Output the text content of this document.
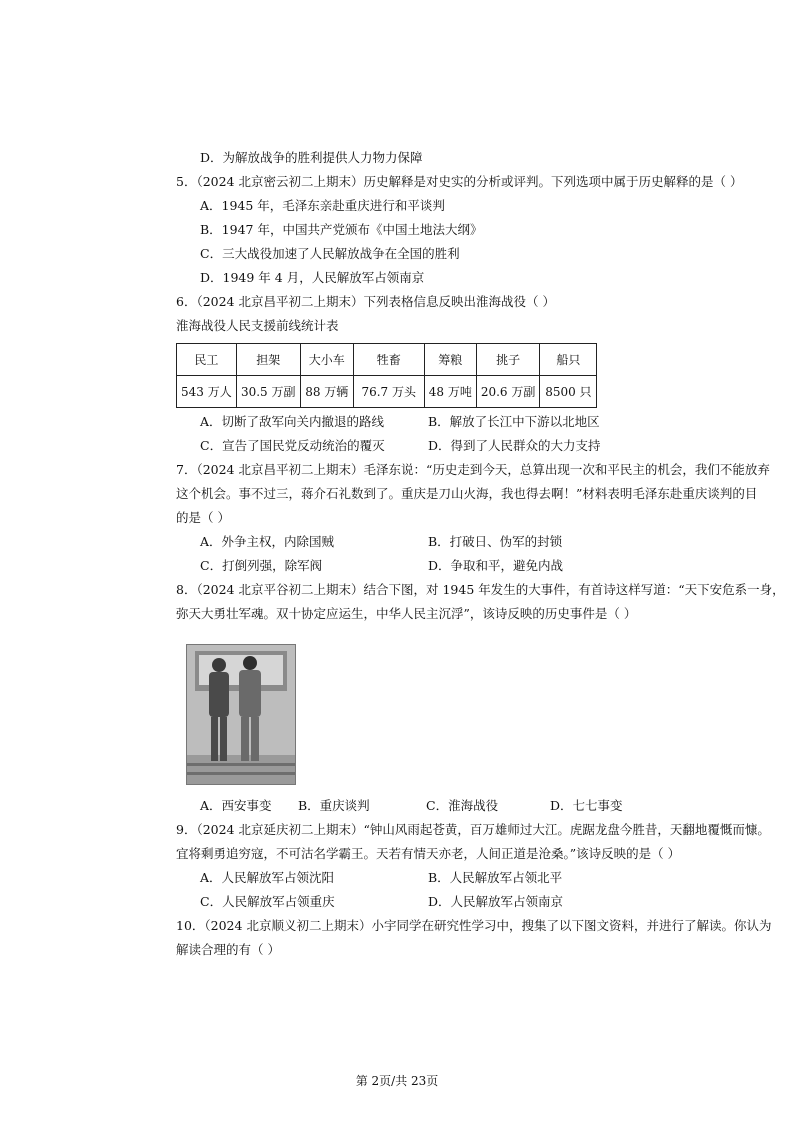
D．为解放战争的胜利提供人力物力保障
5．（2024 北京密云初二上期末）历史解释是对史实的分析或评判。下列选项中属于历史解释的是（ ）
A．1945 年，毛泽东亲赴重庆进行和平谈判
B．1947 年，中国共产党颁布《中国土地法大纲》
C．三大战役加速了人民解放战争在全国的胜利
D．1949 年 4 月，人民解放军占领南京
6．（2024 北京昌平初二上期末）下列表格信息反映出淮海战役（ ）
淮海战役人民支援前线统计表
民工	担架	大小车	牲畜	筹粮	挑子	船只
543 万人	30.5 万副	88 万辆	76.7 万头	48 万吨	20.6 万副	8500 只
A．切断了敌军向关内撤退的路线	B．解放了长江中下游以北地区
C．宣告了国民党反动统治的覆灭	D．得到了人民群众的大力支持
7．（2024 北京昌平初二上期末）毛泽东说：“历史走到今天，总算出现一次和平民主的机会，我们不能放弃
这个机会。事不过三，蒋介石礼数到了。重庆是刀山火海，我也得去啊！”材料表明毛泽东赴重庆谈判的目
的是（ ）
A．外争主权，内除国贼	B．打破日、伪军的封锁
C．打倒列强，除军阀	D．争取和平，避免内战
8．（2024 北京平谷初二上期末）结合下图，对 1945 年发生的大事件，有首诗这样写道：“天下安危系一身，
弥天大勇壮军魂。双十协定应运生，中华人民主沉浮”，该诗反映的历史事件是（ ）
A．西安事变 B．重庆谈判	C．淮海战役	D．七七事变
9．（2024 北京延庆初二上期末）“钟山风雨起苍黄，百万雄师过大江。虎踞龙盘今胜昔，天翻地覆慨而慷。
宜将剩勇追穷寇，不可沽名学霸王。天若有情天亦老，人间正道是沧桑。”该诗反映的是（ ）
A．人民解放军占领沈阳	B．人民解放军占领北平
C．人民解放军占领重庆	D．人民解放军占领南京
10．（2024 北京顺义初二上期末）小宇同学在研究性学习中，搜集了以下图文资料，并进行了解读。你认为
解读合理的有（ ）
第 2页/共 23页
